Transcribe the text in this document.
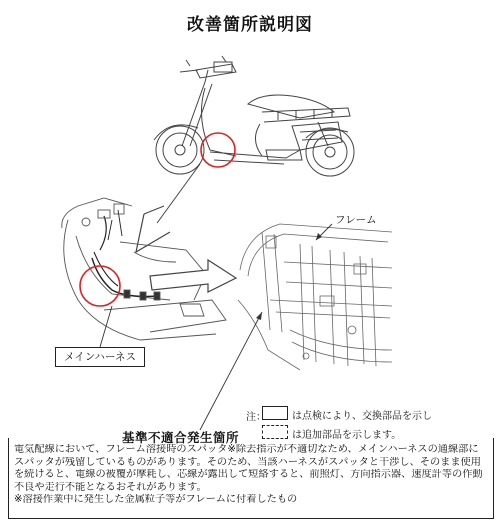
改善箇所説明図
フレーム
メインハーネス
注：	は点検により、交換部品を示し
は追加部品を示します。
基準不適合発生箇所
電気配線において、フレーム溶接時のスパッタ※除去指示が不適切なため、メインハーネスの通線部に
スパッタが残留しているものがあります。そのため、当該ハーネスがスパッタと干渉し、そのまま使用
を続けると、電線の被覆が摩耗し、芯線が露出して短絡すると、前照灯、方向指示器、速度計等の作動
不良や走行不能となるおそれがあります。
※溶接作業中に発生した金属粒子等がフレームに付着したもの
